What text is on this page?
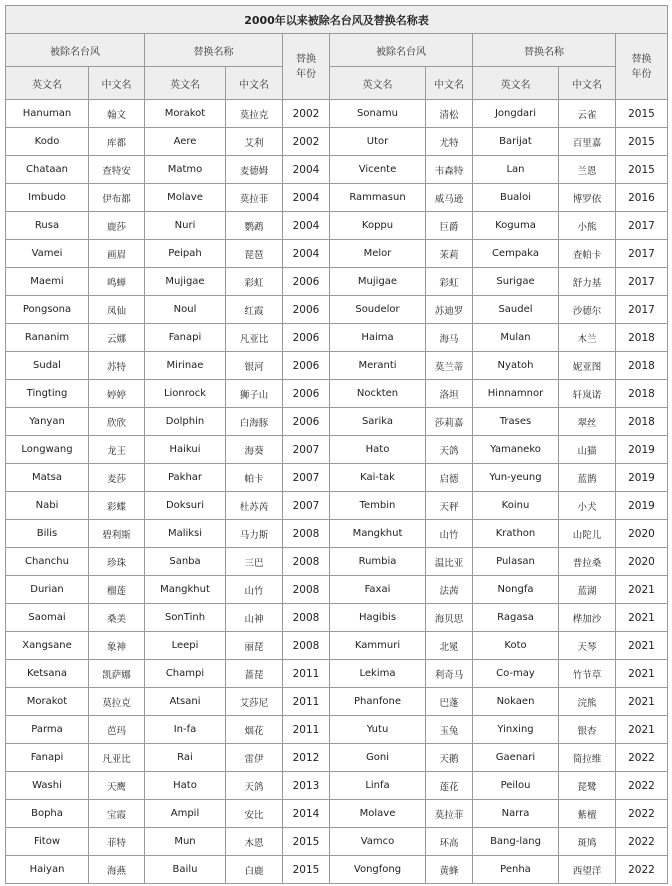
2000年以来被除名台风及替换名称表									
被除名台风		替换名称		替换年份	被除名台风		替换名称		替换年份
英文名	中文名	英文名	中文名		英文名	中文名	英文名	中文名	
Hanuman	翰文	Morakot	莫拉克	2002	Sonamu	清松	Jongdari	云雀	2015
Kodo	库都	Aere	艾利	2002	Utor	尤特	Barijat	百里嘉	2015
Chataan	查特安	Matmo	麦德姆	2004	Vicente	韦森特	Lan	兰恩	2015
Imbudo	伊布都	Molave	莫拉菲	2004	Rammasun	威马逊	Bualoi	博罗依	2016
Rusa	鹿莎	Nuri	鹦鹉	2004	Koppu	巨爵	Koguma	小熊	2017
Vamei	画眉	Peipah	琵琶	2004	Melor	茉莉	Cempaka	查帕卡	2017
Maemi	鸣蝉	Mujigae	彩虹	2006	Mujigae	彩虹	Surigae	舒力基	2017
Pongsona	凤仙	Noul	红霞	2006	Soudelor	苏迪罗	Saudel	沙德尔	2017
Rananim	云娜	Fanapi	凡亚比	2006	Haima	海马	Mulan	木兰	2018
Sudal	苏特	Mirinae	银河	2006	Meranti	莫兰蒂	Nyatoh	妮亚图	2018
Tingting	婷婷	Lionrock	狮子山	2006	Nockten	洛坦	Hinnamnor	轩岚诺	2018
Yanyan	欣欣	Dolphin	白海豚	2006	Sarika	莎莉嘉	Trases	翠丝	2018
Longwang	龙王	Haikui	海葵	2007	Hato	天鸽	Yamaneko	山猫	2019
Matsa	麦莎	Pakhar	帕卡	2007	Kai-tak	启德	Yun-yeung	蓝鹊	2019
Nabi	彩蝶	Doksuri	杜苏芮	2007	Tembin	天秤	Koinu	小犬	2019
Bilis	碧利斯	Maliksi	马力斯	2008	Mangkhut	山竹	Krathon	山陀儿	2020
Chanchu	珍珠	Sanba	三巴	2008	Rumbia	温比亚	Pulasan	普拉桑	2020
Durian	榴莲	Mangkhut	山竹	2008	Faxai	法茜	Nongfa	蓝湖	2021
Saomai	桑美	SonTinh	山神	2008	Hagibis	海贝思	Ragasa	桦加沙	2021
Xangsane	象神	Leepi	丽琵	2008	Kammuri	北冕	Koto	天琴	2021
Ketsana	凯萨娜	Champi	蔷琵	2011	Lekima	利奇马	Co-may	竹节草	2021
Morakot	莫拉克	Atsani	艾莎尼	2011	Phanfone	巴蓬	Nokaen	浣熊	2021
Parma	芭玛	In-fa	烟花	2011	Yutu	玉兔	Yinxing	银杏	2021
Fanapi	凡亚比	Rai	雷伊	2012	Goni	天鹅	Gaenari	简拉维	2022
Washi	天鹰	Hato	天鸽	2013	Linfa	莲花	Peilou	琵鹭	2022
Bopha	宝霞	Ampil	安比	2014	Molave	莫拉菲	Narra	紫檀	2022
Fitow	菲特	Mun	木恩	2015	Vamco	环高	Bang-lang	斑鸠	2022
Haiyan	海燕	Bailu	白鹿	2015	Vongfong	黄蜂	Penha	西望洋	2022
